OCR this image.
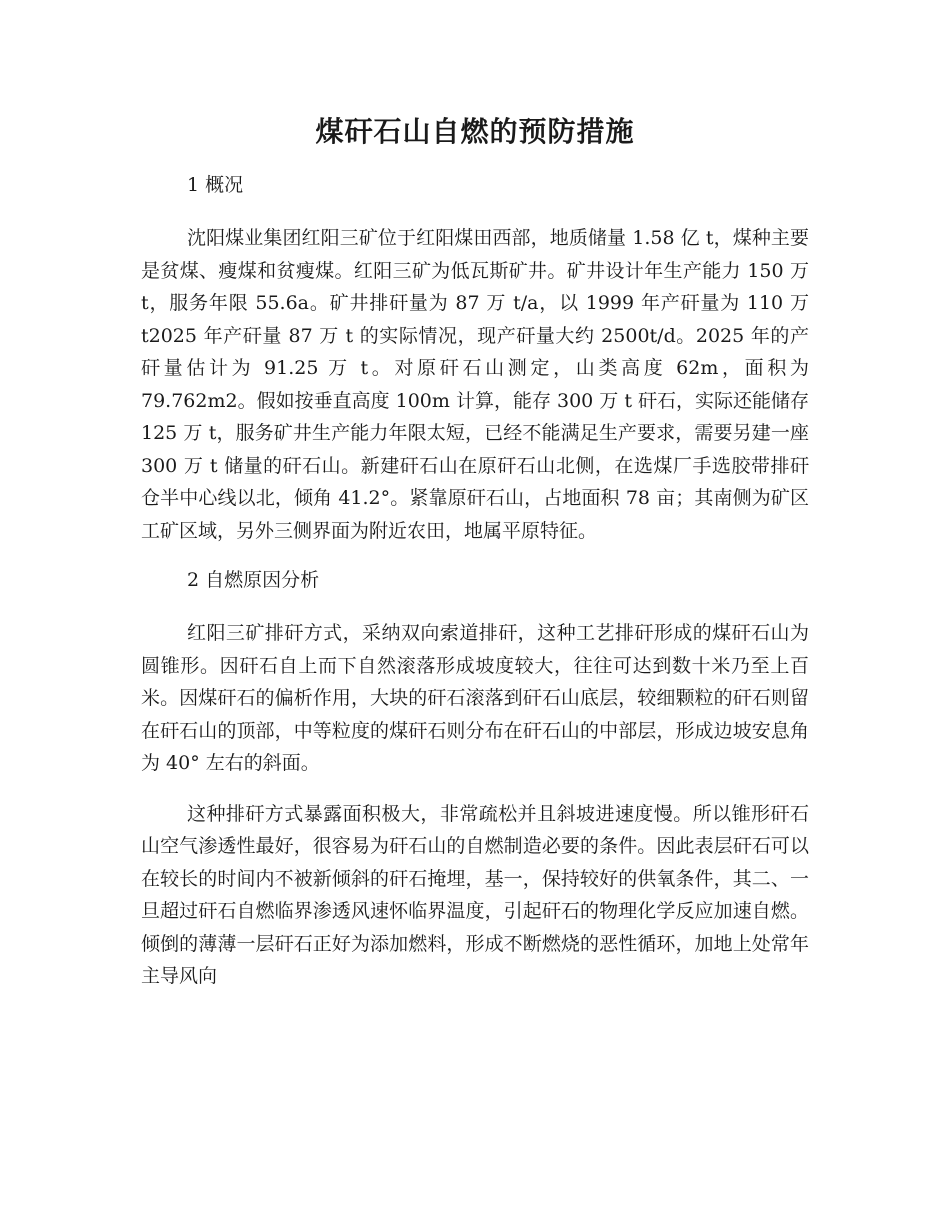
煤矸石山自燃的预防措施

1 概况

沈阳煤业集团红阳三矿位于红阳煤田西部，地质储量 1.58 亿 t，煤种主要是贫煤、瘦煤和贫瘦煤。红阳三矿为低瓦斯矿井。矿井设计年生产能力 150 万 t，服务年限 55.6a。矿井排矸量为 87 万 t/a，以 1999 年产矸量为 110 万 t2025 年产矸量 87 万 t 的实际情况，现产矸量大约 2500t/d。2025 年的产矸量估计为 91.25 万 t。对原矸石山测定，山类高度 62m，面积为 79.762m2。假如按垂直高度 100m 计算，能存 300 万 t 矸石，实际还能储存 125 万 t，服务矿井生产能力年限太短，已经不能满足生产要求，需要另建一座 300 万 t 储量的矸石山。新建矸石山在原矸石山北侧，在选煤厂手选胶带排矸仓半中心线以北，倾角 41.2°。紧靠原矸石山，占地面积 78 亩；其南侧为矿区工矿区域，另外三侧界面为附近农田，地属平原特征。

2 自燃原因分析

红阳三矿排矸方式，采纳双向索道排矸，这种工艺排矸形成的煤矸石山为圆锥形。因矸石自上而下自然滚落形成坡度较大，往往可达到数十米乃至上百米。因煤矸石的偏析作用，大块的矸石滚落到矸石山底层，较细颗粒的矸石则留在矸石山的顶部，中等粒度的煤矸石则分布在矸石山的中部层，形成边坡安息角为 40° 左右的斜面。

这种排矸方式暴露面积极大，非常疏松并且斜坡进速度慢。所以锥形矸石山空气渗透性最好，很容易为矸石山的自燃制造必要的条件。因此表层矸石可以在较长的时间内不被新倾斜的矸石掩埋，基一，保持较好的供氧条件，其二、一旦超过矸石自燃临界渗透风速怀临界温度，引起矸石的物理化学反应加速自燃。倾倒的薄薄一层矸石正好为添加燃料，形成不断燃烧的恶性循环，加地上处常年主导风向
